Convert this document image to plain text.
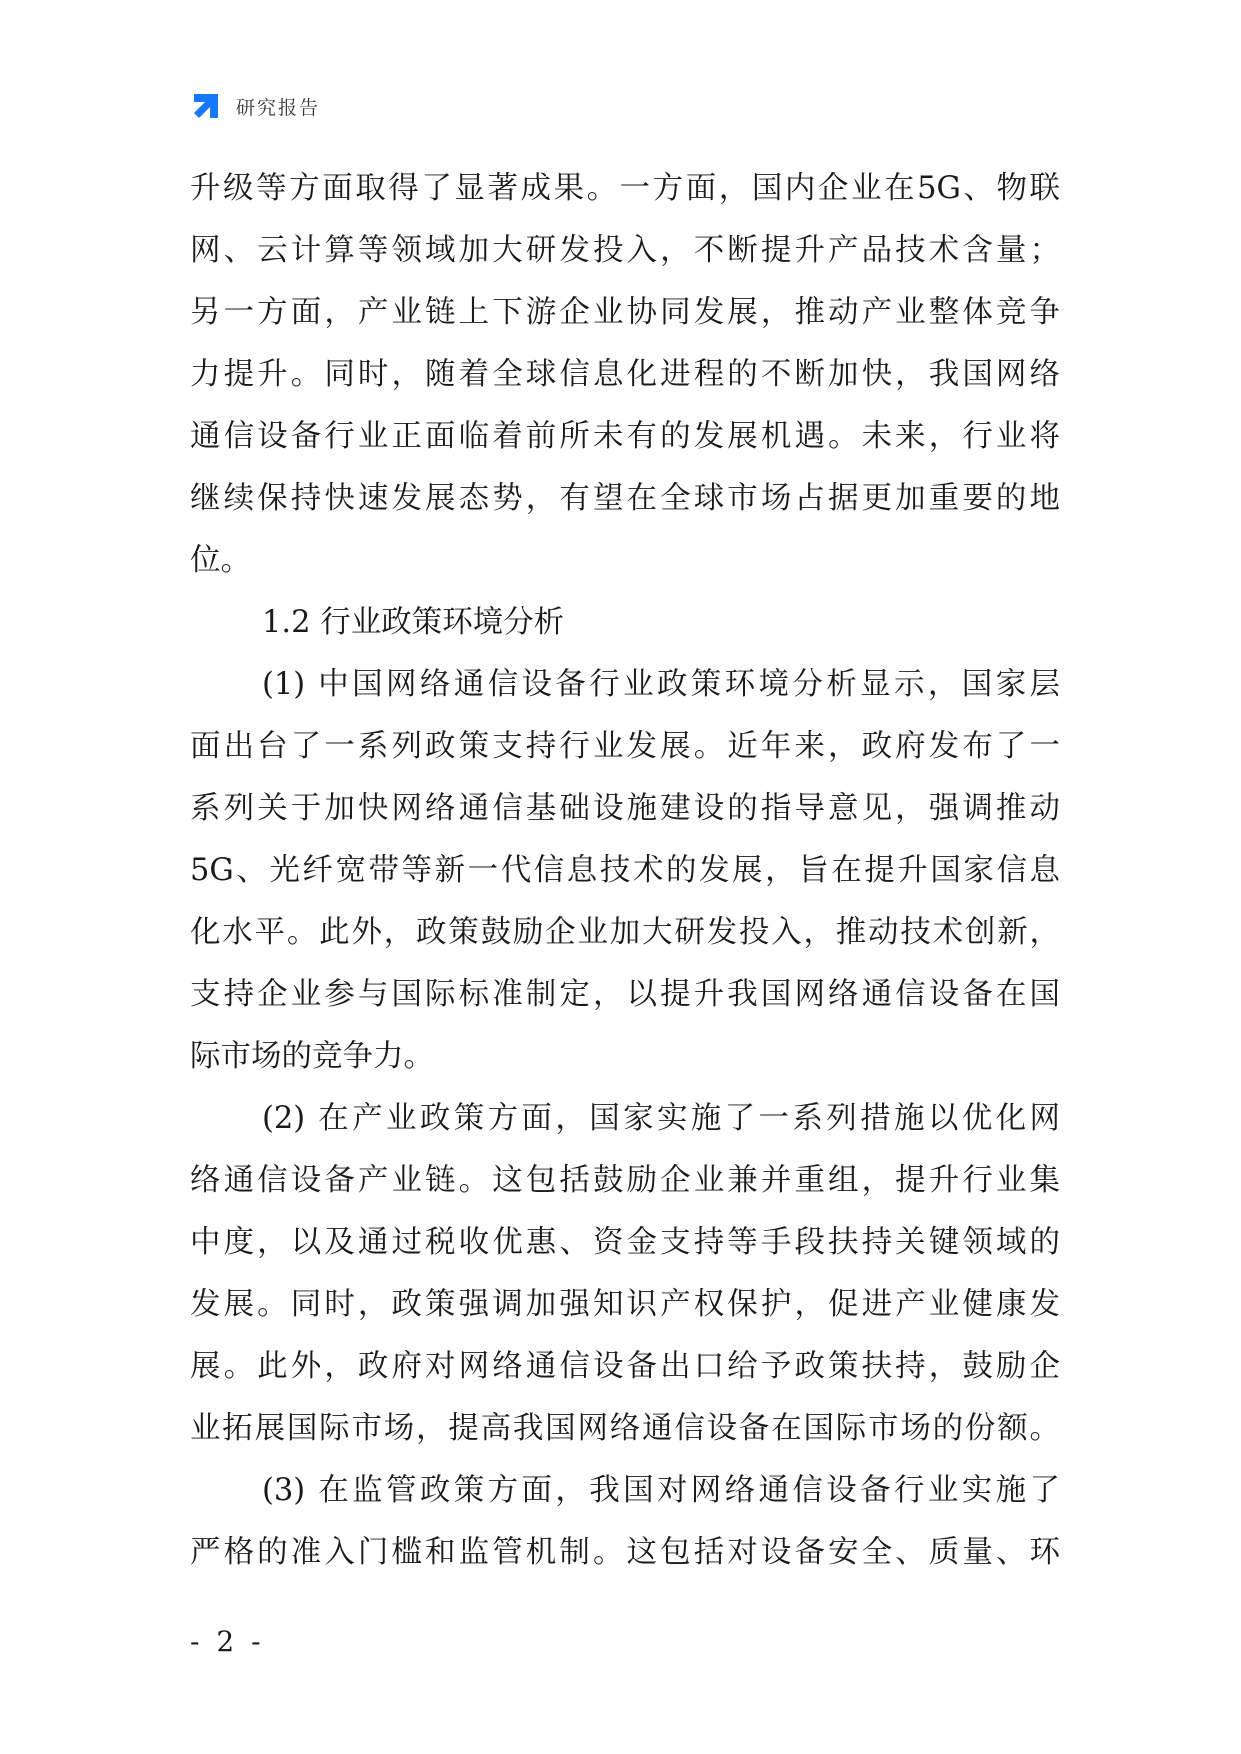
研究报告
升级等方面取得了显著成果。一方面，国内企业在5G、物联
网、云计算等领域加大研发投入，不断提升产品技术含量；
另一方面，产业链上下游企业协同发展，推动产业整体竞争
力提升。同时，随着全球信息化进程的不断加快，我国网络
通信设备行业正面临着前所未有的发展机遇。未来，行业将
继续保持快速发展态势，有望在全球市场占据更加重要的地
位。
1.2 行业政策环境分析
(1) 中国网络通信设备行业政策环境分析显示，国家层
面出台了一系列政策支持行业发展。近年来，政府发布了一
系列关于加快网络通信基础设施建设的指导意见，强调推动
5G、光纤宽带等新一代信息技术的发展，旨在提升国家信息
化水平。此外，政策鼓励企业加大研发投入，推动技术创新，
支持企业参与国际标准制定，以提升我国网络通信设备在国
际市场的竞争力。
(2) 在产业政策方面，国家实施了一系列措施以优化网
络通信设备产业链。这包括鼓励企业兼并重组，提升行业集
中度，以及通过税收优惠、资金支持等手段扶持关键领域的
发展。同时，政策强调加强知识产权保护，促进产业健康发
展。此外，政府对网络通信设备出口给予政策扶持，鼓励企
业拓展国际市场，提高我国网络通信设备在国际市场的份额。
(3) 在监管政策方面，我国对网络通信设备行业实施了
严格的准入门槛和监管机制。这包括对设备安全、质量、环
- 2 -
